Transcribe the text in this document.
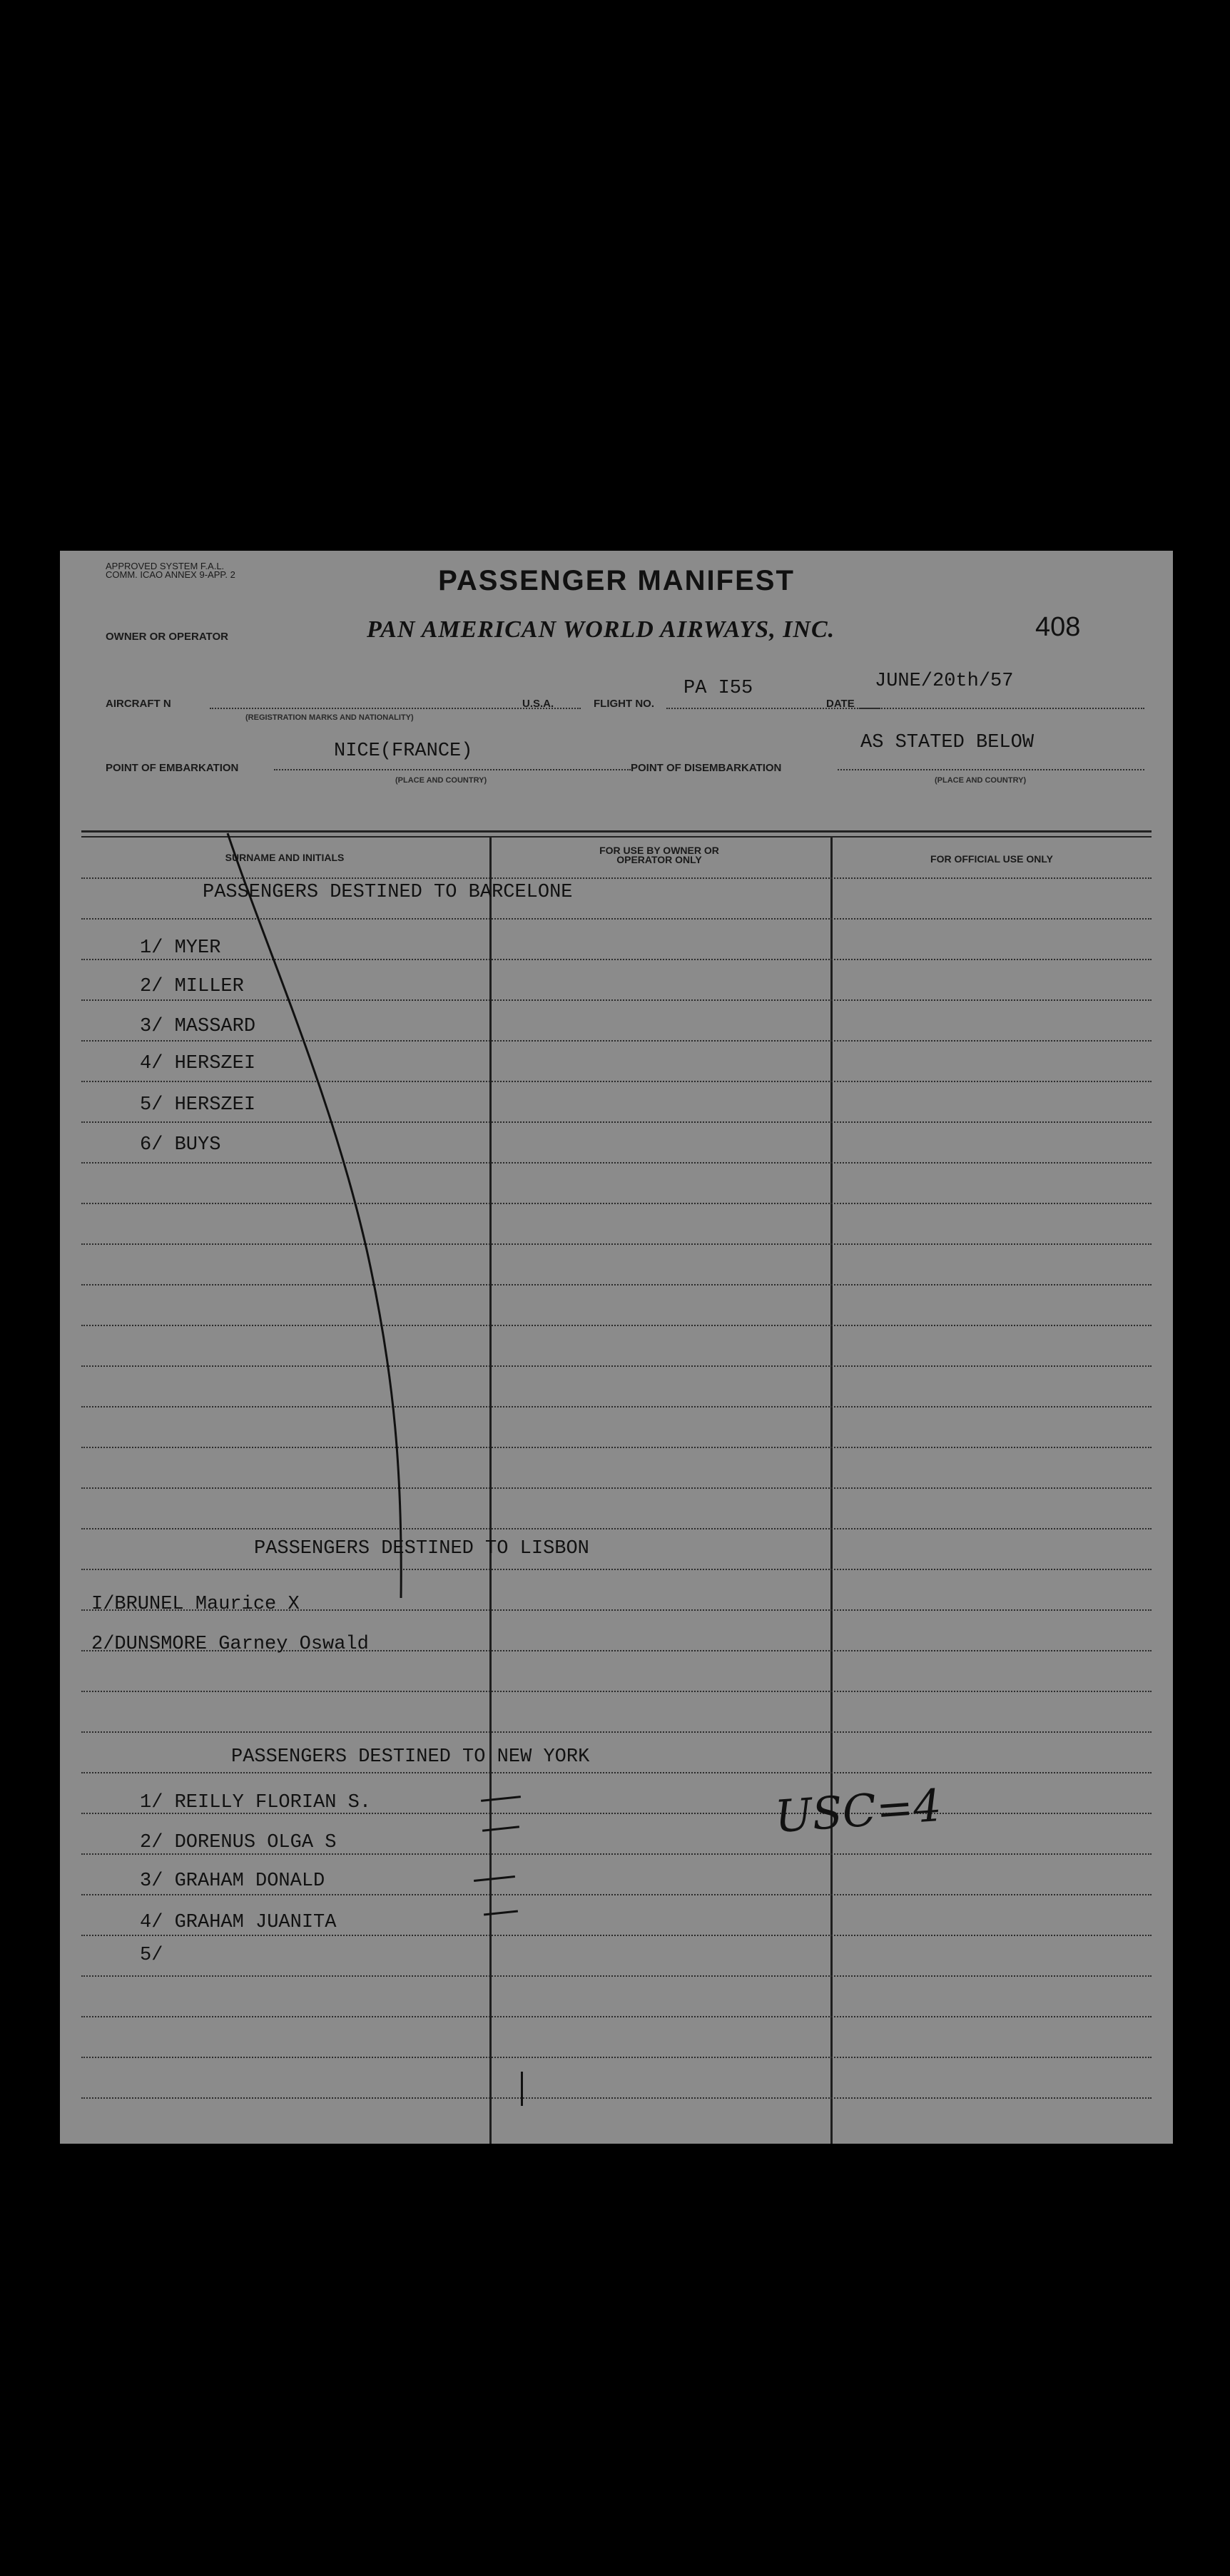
APPROVED SYSTEM F.A.L. COMM. ICAO ANNEX 9-APP. 2	PASSENGER MANIFEST
408
OWNER OR OPERATOR	PAN AMERICAN WORLD AIRWAYS, INC.
AIRCRAFT N
(REGISTRATION MARKS AND NATIONALITY)
U.S.A.	FLIGHT NO.
PA I55
DATE
JUNE/20th/57
POINT OF EMBARKATION
NICE(FRANCE)
(PLACE AND COUNTRY)
POINT OF DISEMBARKATION
AS STATED BELOW
(PLACE AND COUNTRY)
SURNAME AND INITIALS
FOR USE BY OWNER OR OPERATOR ONLY	FOR OFFICIAL USE ONLY
PASSENGERS DESTINED TO BARCELONE
1/ MYER
2/ MILLER
3/ MASSARD
4/ HERSZEI
5/ HERSZEI
6/ BUYS
PASSENGERS DESTINED TO LISBON
I/BRUNEL Maurice X
2/DUNSMORE Garney Oswald
PASSENGERS DESTINED TO NEW YORK
1/ REILLY FLORIAN S.
2/ DORENUS OLGA S
3/ GRAHAM DONALD
4/ GRAHAM JUANITA
5/
USC=4
